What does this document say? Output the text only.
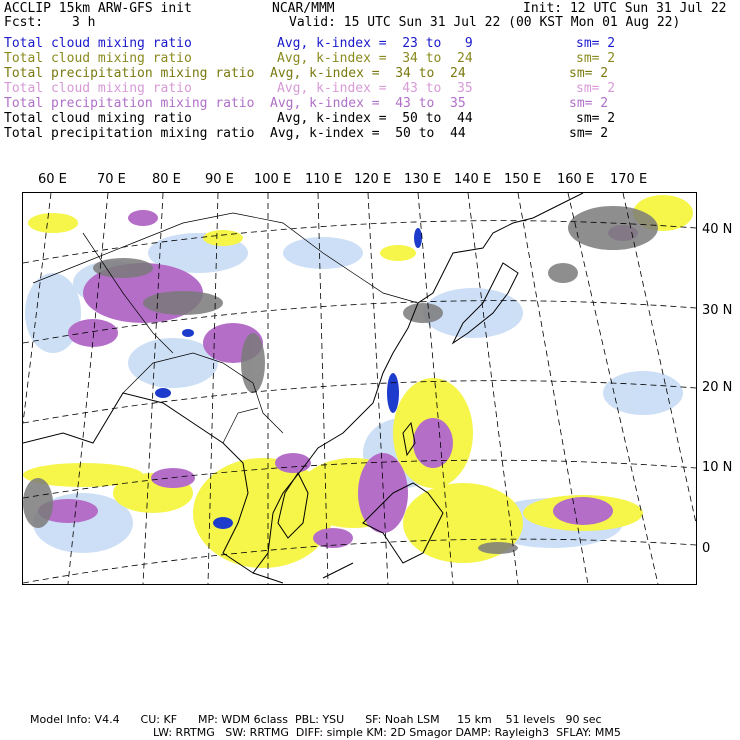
ACCLIP 15km ARW-GFS init	NCAR/MMM	Init: 12 UTC Sun 31 Jul 22
Fcst: 3 h	Valid: 15 UTC Sun 31 Jul 22 (00 KST Mon 01 Aug 22)
Total cloud mixing ratio	Avg, k-index =  23 to   9	sm= 2
Total cloud mixing ratio	Avg, k-index =  34 to  24	sm= 2
Total precipitation mixing ratio Avg, k-index =  34 to  24	sm= 2
Total cloud mixing ratio	Avg, k-index =  43 to  35	sm= 2
Total precipitation mixing ratio Avg, k-index =  43 to  35	sm= 2
Total cloud mixing ratio	Avg, k-index =  50 to  44	sm= 2
Total precipitation mixing ratio Avg, k-index =  50 to  44	sm= 2
60 E 70 E 80 E 90 E 100 E 110 E 120 E 130 E 140 E 150 E 160 E 170 E
40 N
30 N
20 N
10 N
0
Model Info: V4.4      CU: KF      MP: WDM 6class  PBL: YSU      SF: Noah LSM     15 km    51 levels   90 sec
LW: RRTMG   SW: RRTMG  DIFF: simple KM: 2D Smagor DAMP: Rayleigh3  SFLAY: MM5
